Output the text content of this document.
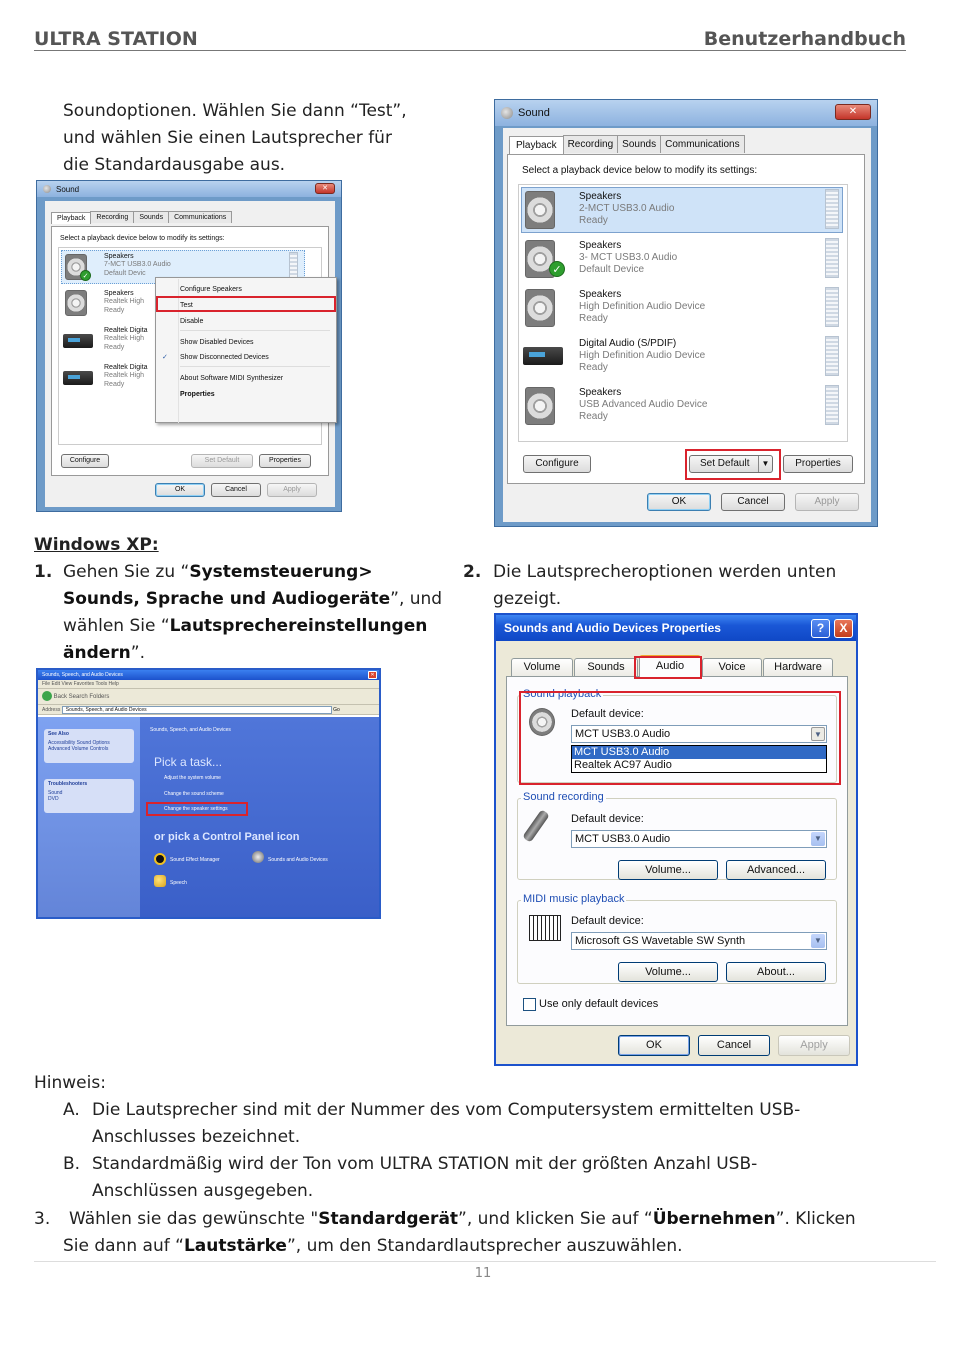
ULTRA STATION	Benutzerhandbuch
Soundoptionen. Wählen Sie dann “Test”,
und wählen Sie einen Lautsprecher für
die Standardausgabe aus.
Sound	✕
Playback	Recording	Sounds	Communications
Select a playback device below to modify its settings:
✓
Speakers
7-MCT USB3.0 Audio
Default Devic
Speakers
Realtek High
Ready
Realtek Digita
Realtek High
Ready
Realtek Digita
Realtek High
Ready
Configure Speakers
Test
Disable
Show Disabled Devices
✓ Show Disconnected Devices
About Software MIDI Synthesizer
Properties
Configure	Set Default	Properties
OK	Cancel	Apply
Sound	✕
Playback	Recording Sounds Communications
Select a playback device below to modify its settings:
Speakers
2-MCT USB3.0 Audio
Ready
✓
Speakers
3- MCT USB3.0 Audio
Default Device
Speakers
High Definition Audio Device
Ready
Digital Audio (S/PDIF)
High Definition Audio Device
Ready
Speakers
USB Advanced Audio Device
Ready
Configure	Set Default	▼	Properties
OK	Cancel	Apply
Windows XP:
1. Gehen Sie zu “Systemsteuerung>
Sounds, Sprache und Audiogeräte”, und
wählen Sie “Lautsprechereinstellungen
ändern”.
2. Die Lautsprecheroptionen werden unten
gezeigt.
Sounds, Speech, and Audio Devices	✕
File Edit View Favorites Tools Help
Back Search Folders
Address Sounds, Speech, and Audio Devices	Go
See Also
Accessibility Sound Options
Advanced Volume Controls
Troubleshooters
Sound
DVD
Sounds, Speech, and Audio Devices
Pick a task...
Adjust the system volume
Change the sound scheme
Change the speaker settings
or pick a Control Panel icon
Sound Effect Manager	Sounds and Audio Devices
Speech
Sounds and Audio Devices Properties	?	X
Volume	Sounds	Audio	Voice	Hardware
Sound playback
Default device:
MCT USB3.0 Audio	▼
MCT USB3.0 Audio
Realtek AC97 Audio
Sound recording
Default device:
MCT USB3.0 Audio	▼
Volume...	Advanced...
MIDI music playback
Default device:
Microsoft GS Wavetable SW Synth	▼
Volume...	About...
Use only default devices
OK	Cancel	Apply
Hinweis:
A. Die Lautsprecher sind mit der Nummer des vom Computersystem ermittelten USB-
Anschlusses bezeichnet.
B. Standardmäßig wird der Ton vom ULTRA STATION mit der größten Anzahl USB-
Anschlüssen ausgegeben.
3. Wählen sie das gewünschte "Standardgerät”, und klicken Sie auf “Übernehmen”. Klicken
Sie dann auf “Lautstärke”, um den Standardlautsprecher auszuwählen.
11
